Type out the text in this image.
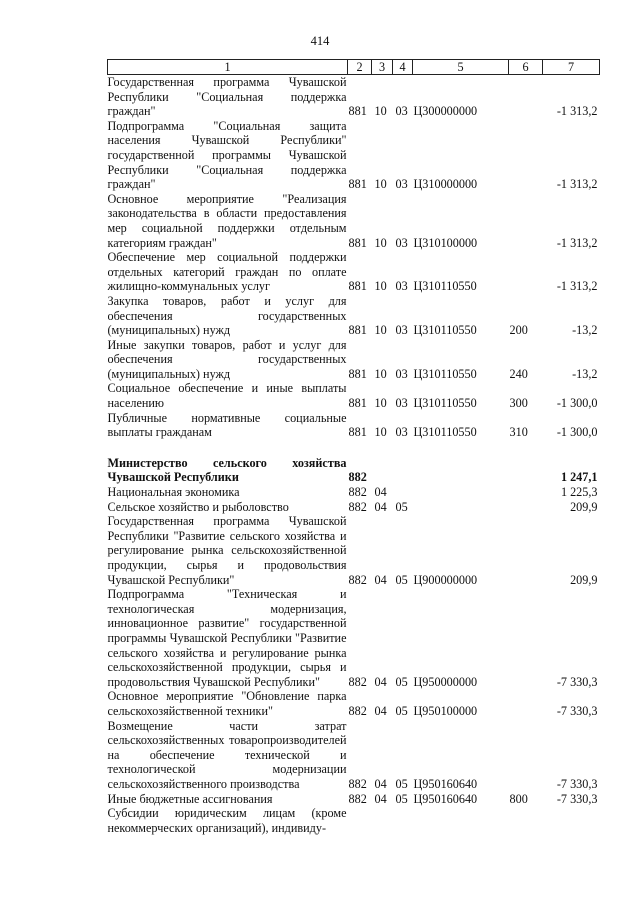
414
1	2	3	4	5	6	7
Государственная программа Чувашской Республики "Социальная поддержка граждан"	881	10	03	Ц300000000		-1 313,2
Подпрограмма "Социальная защита населения Чувашской Республики" государственной программы Чувашской Республики "Социальная поддержка граждан"	881	10	03	Ц310000000		-1 313,2
Основное мероприятие "Реализация законодательства в области предоставления мер социальной поддержки отдельным категориям граждан"	881	10	03	Ц310100000		-1 313,2
Обеспечение мер социальной поддержки отдельных категорий граждан по оплате жилищно-коммунальных услуг	881	10	03	Ц310110550		-1 313,2
Закупка товаров, работ и услуг для обеспечения государственных (муниципальных) нужд	881	10	03	Ц310110550	200	-13,2
Иные закупки товаров, работ и услуг для обеспечения государственных (муниципальных) нужд	881	10	03	Ц310110550	240	-13,2
Социальное обеспечение и иные выплаты населению	881	10	03	Ц310110550	300	-1 300,0
Публичные нормативные социальные выплаты гражданам	881	10	03	Ц310110550	310	-1 300,0

Министерство сельского хозяйства Чувашской Республики	882					1 247,1
Национальная экономика	882	04				1 225,3
Сельское хозяйство и рыболовство	882	04	05			209,9
Государственная программа Чувашской Республики "Развитие сельского хозяйства и регулирование рынка сельскохозяйственной продукции, сырья и продовольствия Чувашской Республики"	882	04	05	Ц900000000		209,9
Подпрограмма "Техническая и технологическая модернизация, инновационное развитие" государственной программы Чувашской Республики "Развитие сельского хозяйства и регулирование рынка сельскохозяйственной продукции, сырья и продовольствия Чувашской Республики"	882	04	05	Ц950000000		-7 330,3
Основное мероприятие "Обновление парка сельскохозяйственной техники"	882	04	05	Ц950100000		-7 330,3
Возмещение части затрат сельскохозяйственных товаропроизводителей на обеспечение технической и технологической модернизации сельскохозяйственного производства	882	04	05	Ц950160640		-7 330,3
Иные бюджетные ассигнования	882	04	05	Ц950160640	800	-7 330,3
Субсидии юридическим лицам (кроме некоммерческих организаций), индивиду-						
